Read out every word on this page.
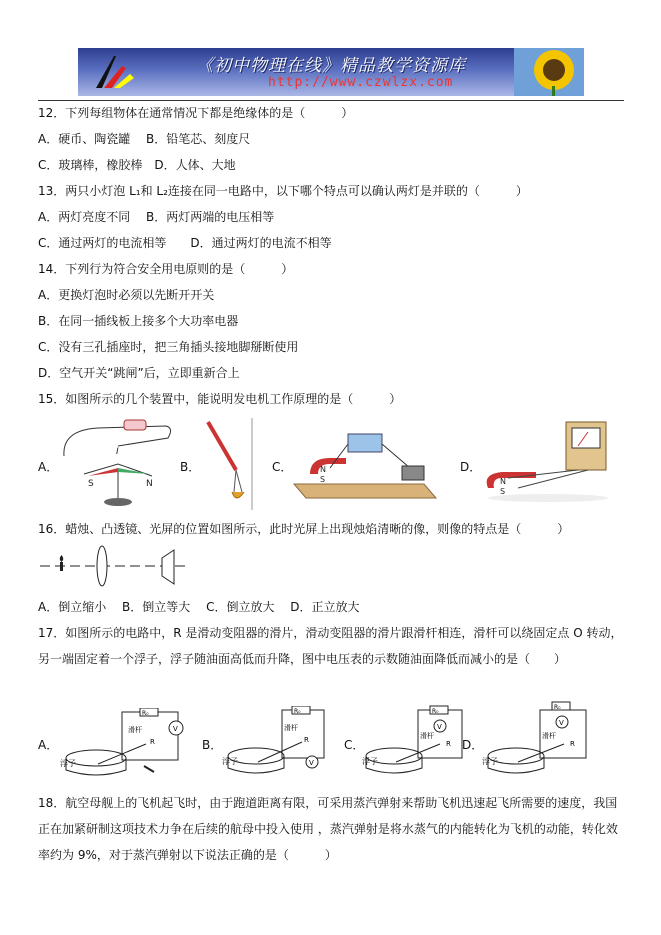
《初中物理在线》精品教学资源库
http://www.czwlzx.com
12．下列每组物体在通常情况下都是绝缘体的是（　　　）
A．硬币、陶瓷罐　 B．铅笔芯、刻度尺
C．玻璃棒，橡胶棒　D．人体、大地
13．两只小灯泡 L₁和 L₂连接在同一电路中，以下哪个特点可以确认两灯是并联的（　　　）
A．两灯亮度不同　 B．两灯两端的电压相等
C．通过两灯的电流相等　　D．通过两灯的电流不相等
14．下列行为符合安全用电原则的是（　　　）
A．更换灯泡时必须以先断开开关
B．在同一插线板上接多个大功率电器
C．没有三孔插座时，把三角插头接地脚掰断使用
D．空气开关“跳闸”后，立即重新合上
15．如图所示的几个装置中，能说明发电机工作原理的是（　　　）
A．
I
S	N
B．	C．	N
S
D．
N
S
16．蜡烛、凸透镜、光屏的位置如图所示，此时光屏上出现烛焰清晰的像，则像的特点是（　　　）
A．倒立缩小　 B．倒立等大　 C．倒立放大　 D．正立放大
17．如图所示的电路中，R 是滑动变阻器的滑片，滑动变阻器的滑片跟滑杆相连，滑杆可以绕固定点 O 转动，另一端固定着一个浮子，浮子随油面高低而升降，图中电压表的示数随油面降低而减小的是（　　）
A．
R₀
V
滑杆
R
浮子
B．
R₀
V
滑杆
R
浮子
C．
R₀
V
滑杆
R
浮子
D．
R₀
V
滑杆
R
浮子
18．航空母舰上的飞机起飞时，由于跑道距离有限，可采用蒸汽弹射来帮助飞机迅速起飞所需要的速度，我国正在加紧研制这项技术力争在后续的航母中投入使用 ，蒸汽弹射是将水蒸气的内能转化为飞机的动能，转化效率约为 9%，对于蒸汽弹射以下说法正确的是（　　　）
